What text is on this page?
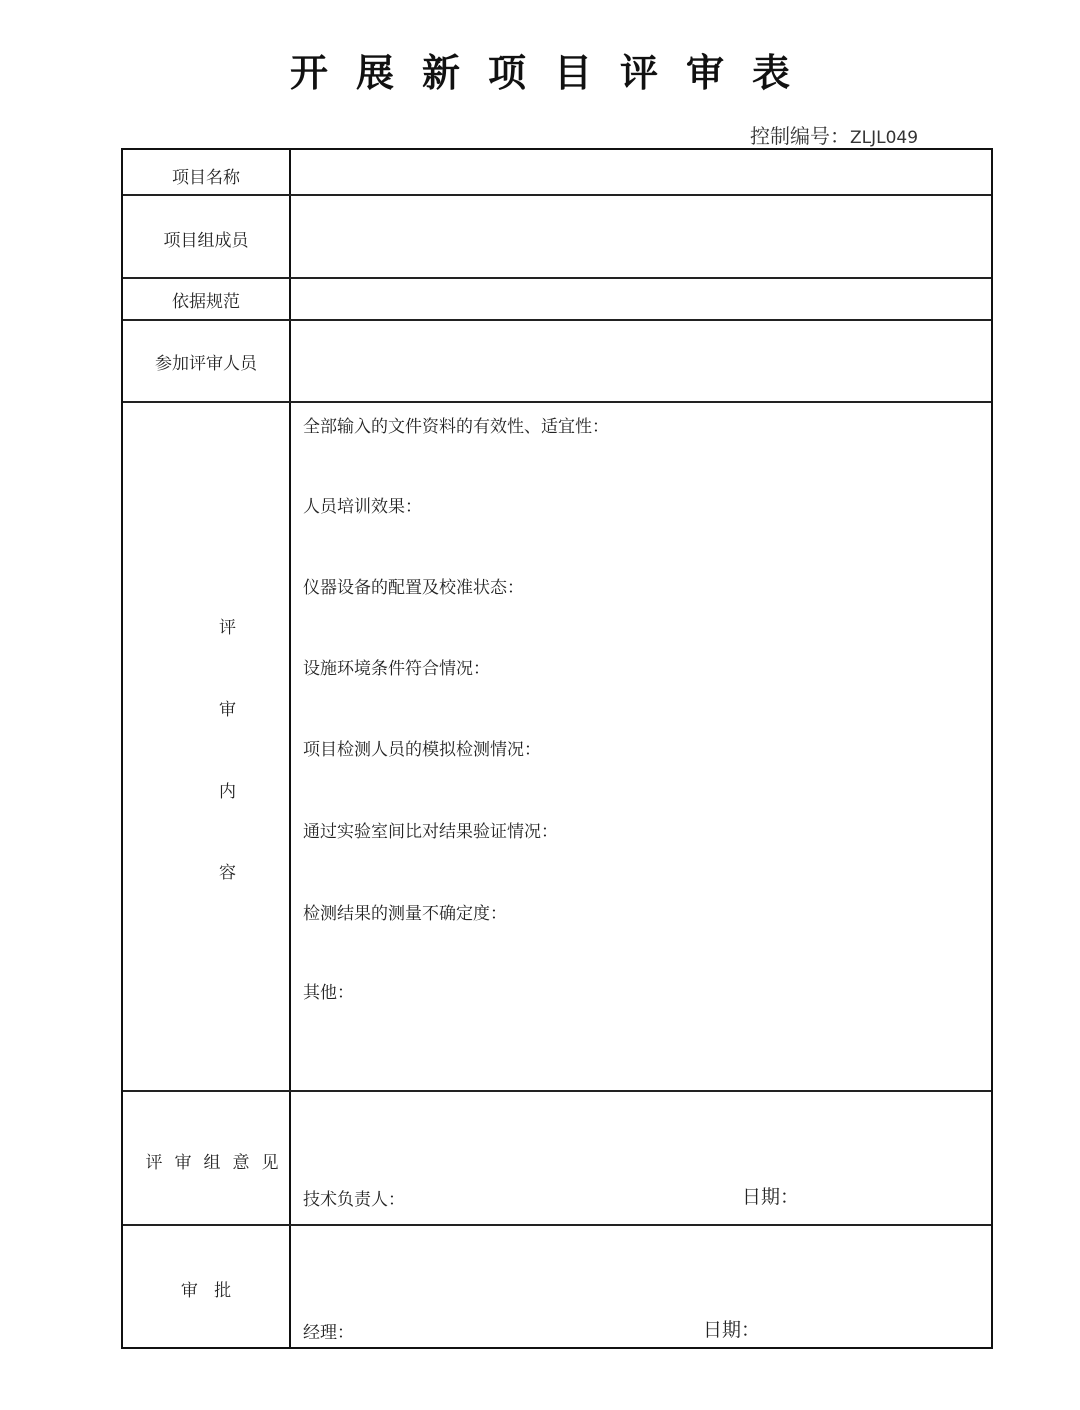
开展新项目评审表
控制编号：ZLJL049
项目名称
项目组成员
依据规范
参加评审人员
评
审
内
容
全部输入的文件资料的有效性、适宜性：
人员培训效果：
仪器设备的配置及校准状态：
设施环境条件符合情况：
项目检测人员的模拟检测情况：
通过实验室间比对结果验证情况：
检测结果的测量不确定度：
其他：
评审组意见
技术负责人：	日期：
审   批
经理：	日期：
